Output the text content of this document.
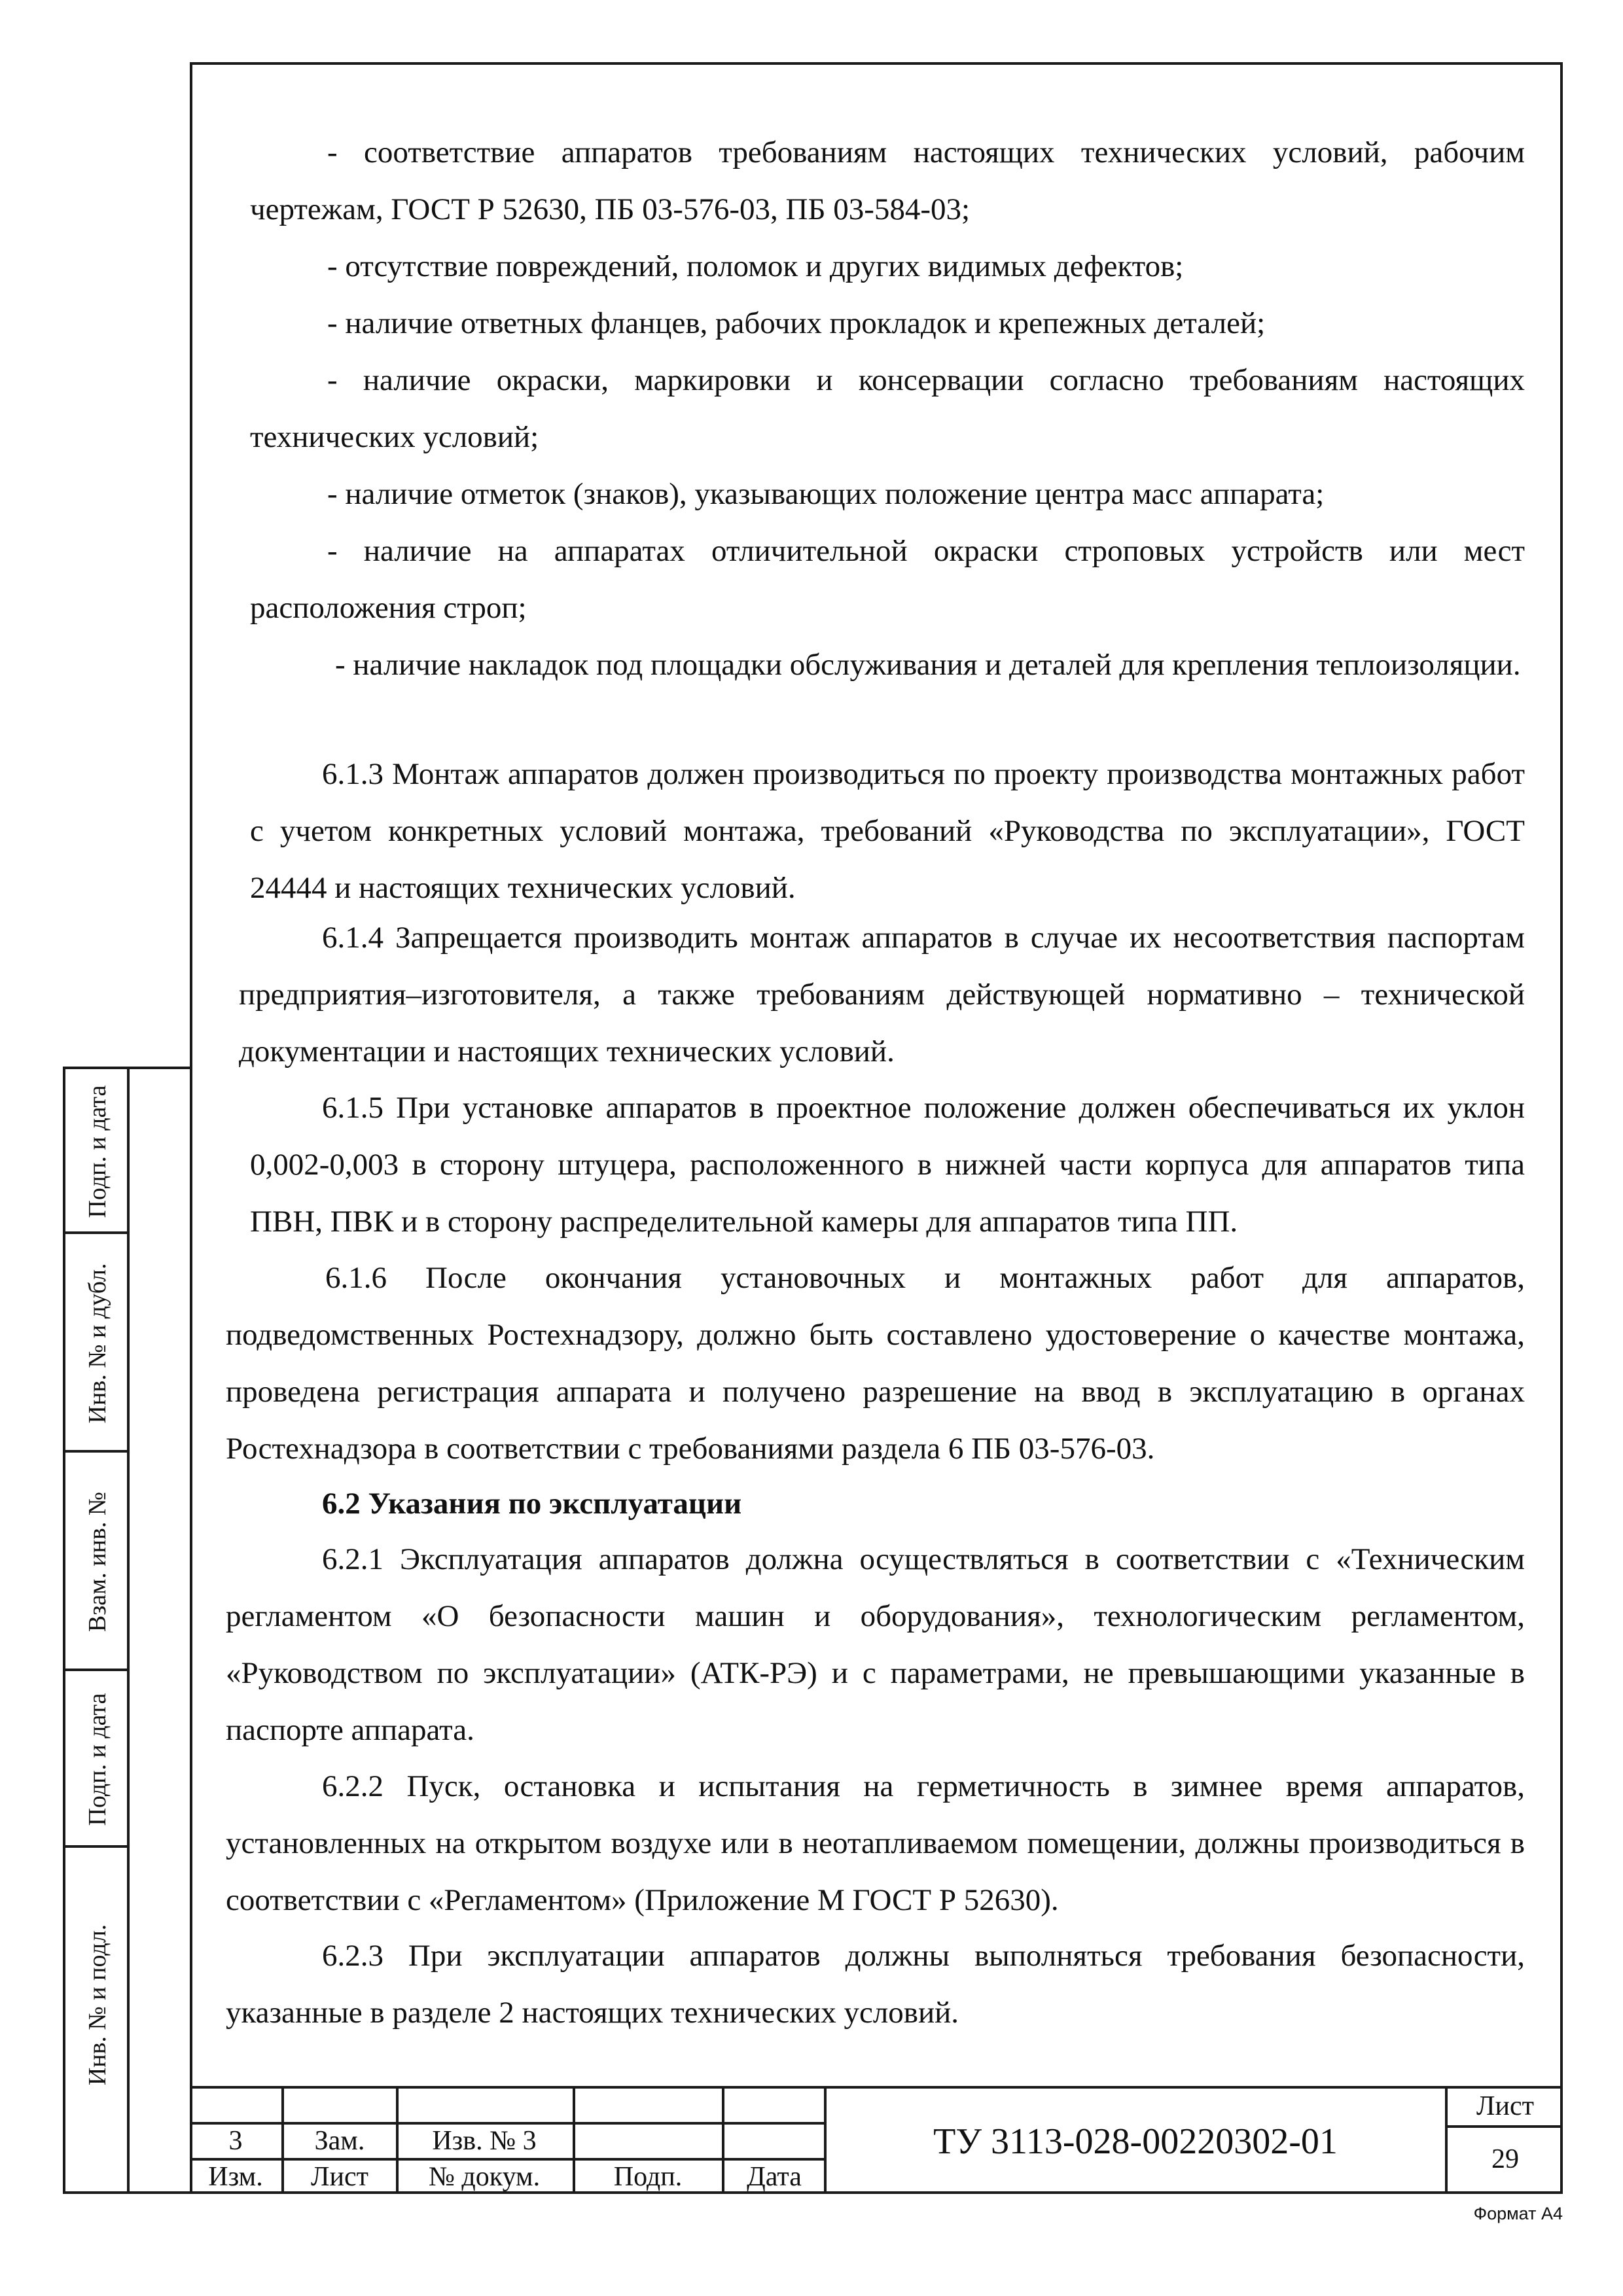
- соответствие аппаратов требованиям настоящих технических условий, рабочим чертежам, ГОСТ Р 52630, ПБ 03-576-03, ПБ 03-584-03;

- отсутствие повреждений, поломок и других видимых дефектов;

- наличие ответных фланцев, рабочих прокладок и крепежных деталей;

- наличие окраски, маркировки и консервации согласно требованиям настоящих технических условий;

- наличие отметок (знаков), указывающих положение центра масс аппарата;

- наличие на аппаратах отличительной окраски строповых устройств или мест расположения строп;

- наличие накладок под площадки обслуживания и деталей для крепления теплоизоляции.

6.1.3 Монтаж аппаратов должен производиться по проекту производства монтажных работ с учетом конкретных условий монтажа, требований «Руководства по эксплуатации», ГОСТ 24444 и настоящих технических условий.

6.1.4 Запрещается производить монтаж аппаратов в случае их несоответствия паспортам предприятия–изготовителя, а также требованиям действующей нормативно – технической документации и настоящих технических условий.

6.1.5 При установке аппаратов в проектное положение должен обеспечиваться их уклон 0,002-0,003 в сторону штуцера, расположенного в нижней части корпуса для аппаратов типа ПВН, ПВК и в сторону распределительной камеры для аппаратов типа ПП.

6.1.6 После окончания установочных и монтажных работ для аппаратов, подведомственных Ростехнадзору, должно быть составлено удостоверение о качестве монтажа, проведена регистрация аппарата и получено разрешение на ввод в эксплуатацию в органах Ростехнадзора в соответствии с требованиями раздела 6 ПБ 03-576-03.

6.2 Указания по эксплуатации

6.2.1 Эксплуатация аппаратов должна осуществляться в соответствии с «Техническим регламентом «О безопасности машин и оборудования», технологическим регламентом, «Руководством по эксплуатации» (АТК-РЭ) и с параметрами, не превышающими указанные в паспорте аппарата.

6.2.2 Пуск, остановка и испытания на герметичность в зимнее время аппаратов, установленных на открытом воздухе или в неотапливаемом помещении, должны производиться в соответствии с «Регламентом» (Приложение М ГОСТ Р 52630).

6.2.3 При эксплуатации аппаратов должны выполняться требования безопасности, указанные в разделе 2 настоящих технических условий.

Подп. и дата
Инв. № и дубл.
Взам. инв. №
Подп. и дата
Инв. № и подл.
3	Зам. Изв. № 3
Изм. Лист № докум.	Подп. Дата
ТУ 3113-028-00220302-01
Лист
29
Формат А4
